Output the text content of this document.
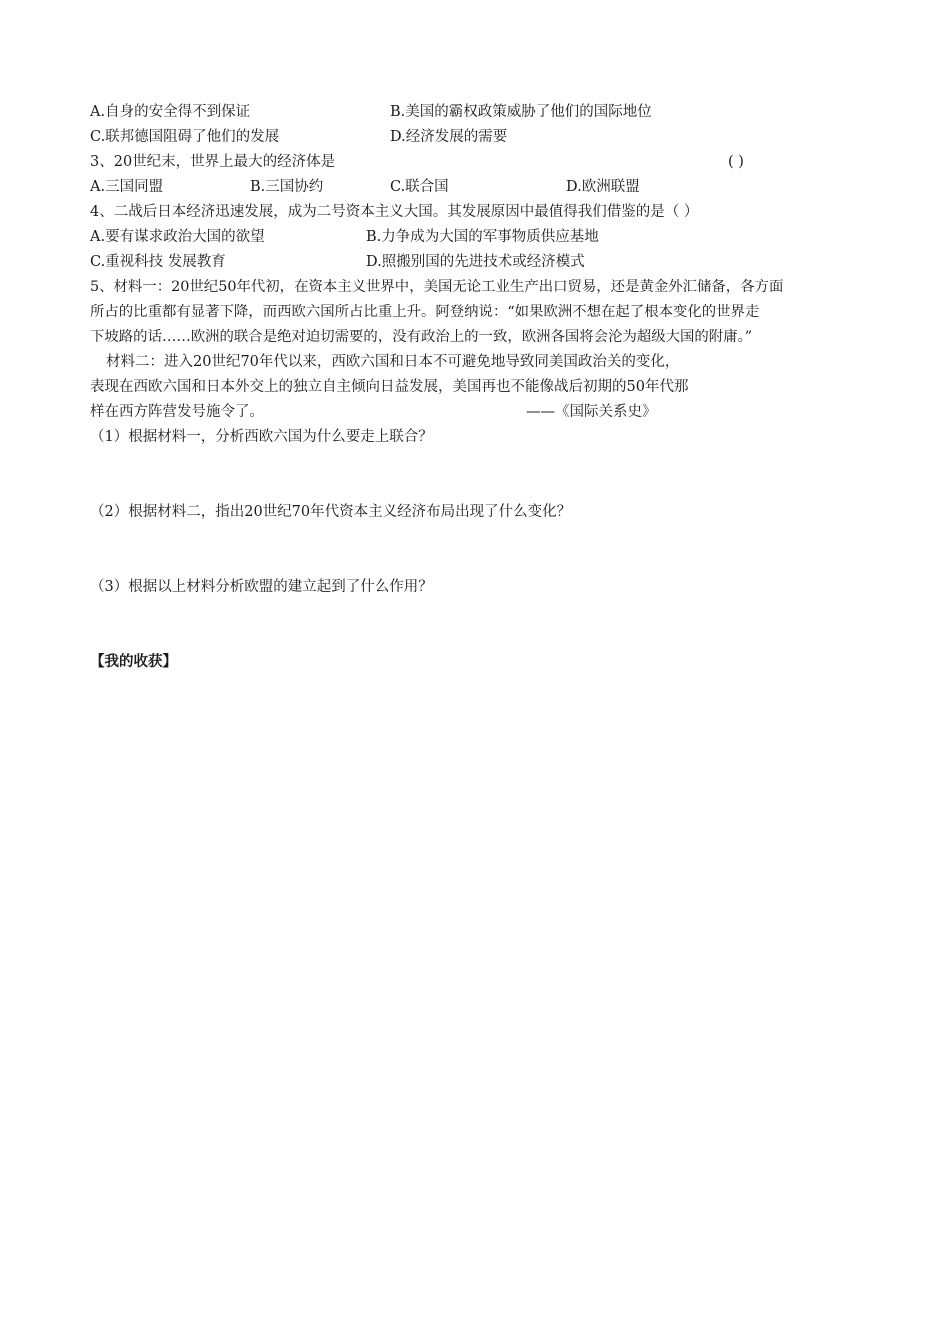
A.自身的安全得不到保证	B.美国的霸权政策威胁了他们的国际地位
C.联邦德国阻碍了他们的发展	D.经济发展的需要
3、20世纪末，世界上最大的经济体是	( )
A.三国同盟	B.三国协约	C.联合国	D.欧洲联盟
4、二战后日本经济迅速发展，成为二号资本主义大国。其发展原因中最值得我们借鉴的是（ ）
A.要有谋求政治大国的欲望	B.力争成为大国的军事物质供应基地
C.重视科技 发展教育	D.照搬别国的先进技术或经济模式
5、材料一：20世纪50年代初，在资本主义世界中，美国无论工业生产出口贸易，还是黄金外汇储备，各方面
所占的比重都有显著下降，而西欧六国所占比重上升。阿登纳说：“如果欧洲不想在起了根本变化的世界走
下坡路的话……欧洲的联合是绝对迫切需要的，没有政治上的一致，欧洲各国将会沦为超级大国的附庸。”
材料二：进入20世纪70年代以来，西欧六国和日本不可避免地导致同美国政治关的变化，
表现在西欧六国和日本外交上的独立自主倾向日益发展，美国再也不能像战后初期的50年代那
样在西方阵营发号施令了。	——《国际关系史》
（1）根据材料一，分析西欧六国为什么要走上联合？
（2）根据材料二，指出20世纪70年代资本主义经济布局出现了什么变化？
（3）根据以上材料分析欧盟的建立起到了什么作用？
【我的收获】
